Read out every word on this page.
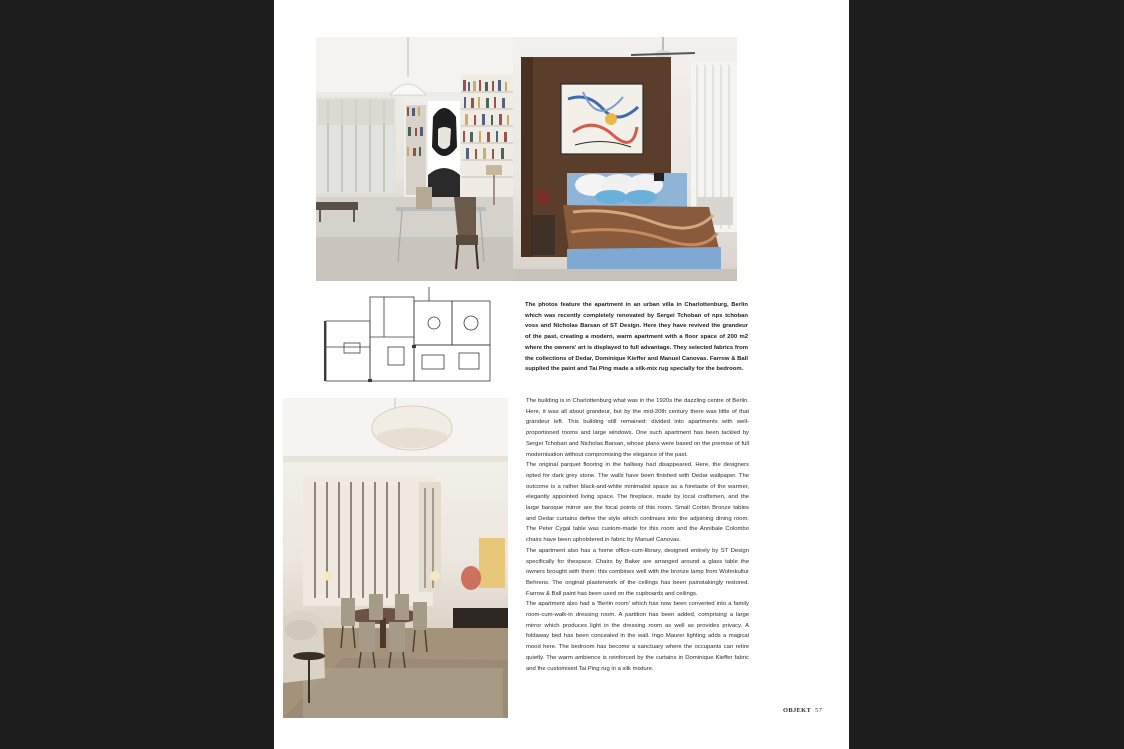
The photos feature the apartment in an urban villa in Charlottenburg, Berlin which was recently completely renovated by Sergei Tchoban of nps tchoban voss and Nicholas Barsan of ST Design. Here they have revived the grandeur of the past, creating a modern, warm apartment with a floor space of 200 m2 where the owners' art is displayed to full advantage. They selected fabrics from the collections of Dedar, Dominique Kieffer and Manuel Canovas. Farrow & Ball supplied the paint and Tai Ping made a silk-mix rug specially for the bedroom.

The building is in Charlottenburg what was in the 1920s the dazzling centre of Berlin. Here, it was all about grandeur, but by the mid-20th century there was little of that grandeur left. This building still remained: divided into apartments with well-proportioned rooms and large windows. One such apartment has been tackled by Sergei Tchoban and Nicholas Barsan, whose plans were based on the premise of full modernisation without compromising the elegance of the past.

The original parquet flooring in the hallway had disappeared. Here, the designers opted for dark grey stone. The walls have been finished with Dedar wallpaper. The outcome is a rather black-and-white minimalist space as a foretaste of the warmer, elegantly appointed living space. The fireplace, made by local craftsmen, and the large baroque mirror are the focal points of this room. Small Corbin Bronze tables and Dedar curtains define the style which continues into the adjoining dining room. The Peter Cygal table was custom-made for this room and the Annibale Colombo chairs have been upholstered in fabric by Manuel Canovas.

The apartment also has a home office-cum-library, designed entirely by ST Design specifically for thespace. Chairs by Baker are arranged around a glass table the owners brought with them; this combines well with the bronze lamp from Wohnkultur Behrens. The original plasterwork of the ceilings has been painstakingly restored. Farrow & Ball paint has been used on the cupboards and ceilings.

The apartment also had a 'Berlin room' which has now been converted into a family room-cum-walk-in dressing room. A partition has been added, comprising a large mirror which produces light in the dressing room as well as provides privacy. A foldaway bed has been concealed in the wall. Ingo Maurer lighting adds a magical mood here. The bedroom has become a sanctuary where the occupants can retire quietly. The warm ambience is reinforced by the curtains in Dominique Kieffer fabric and the customised Tai Ping rug in a silk mixture.

OBJEKT 57
